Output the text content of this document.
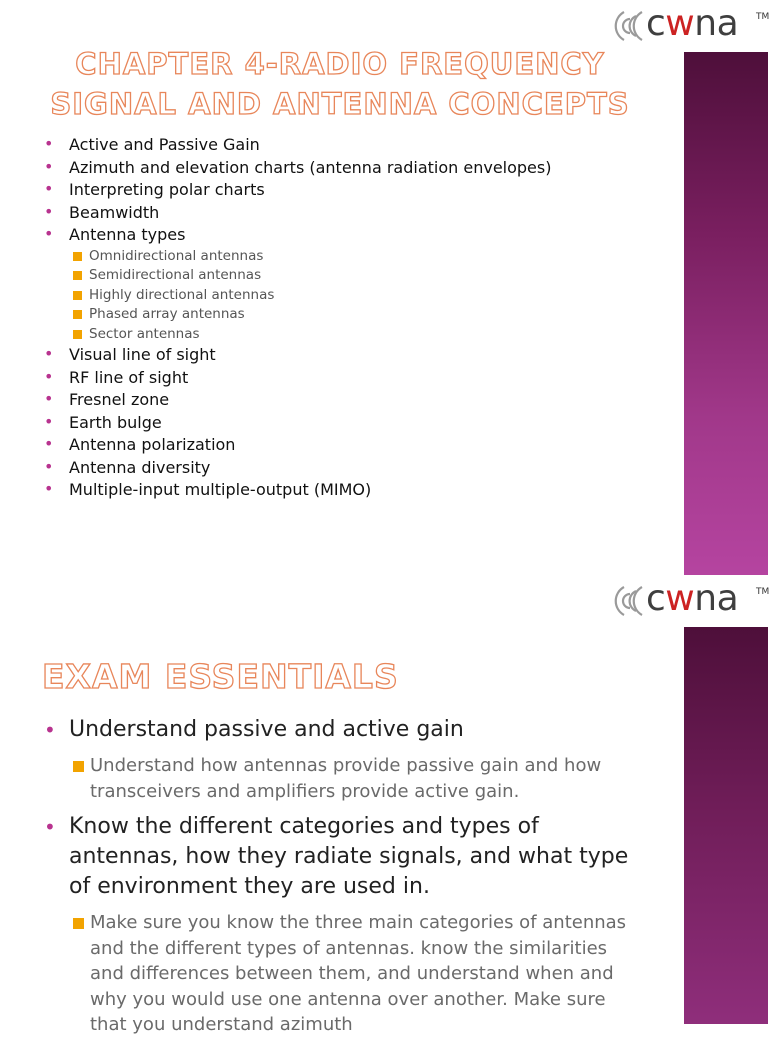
cwna TM
CHAPTER 4-RADIO FREQUENCY
SIGNAL AND ANTENNA CONCEPTS
• Active and Passive Gain
• Azimuth and elevation charts (antenna radiation envelopes)
• Interpreting polar charts
• Beamwidth
• Antenna types
Omnidirectional antennas
Semidirectional antennas
Highly directional antennas
Phased array antennas
Sector antennas
• Visual line of sight
• RF line of sight
• Fresnel zone
• Earth bulge
• Antenna polarization
• Antenna diversity
• Multiple-input multiple-output (MIMO)
cwna TM
EXAM ESSENTIALS
• Understand passive and active gain
Understand how antennas provide passive gain and how transceivers and amplifiers provide active gain.
• Know the different categories and types of antennas, how they radiate signals, and what type of environment they are used in.
Make sure you know the three main categories of antennas and the different types of antennas. know the similarities and differences between them, and understand when and why you would use one antenna over another. Make sure that you understand azimuth
